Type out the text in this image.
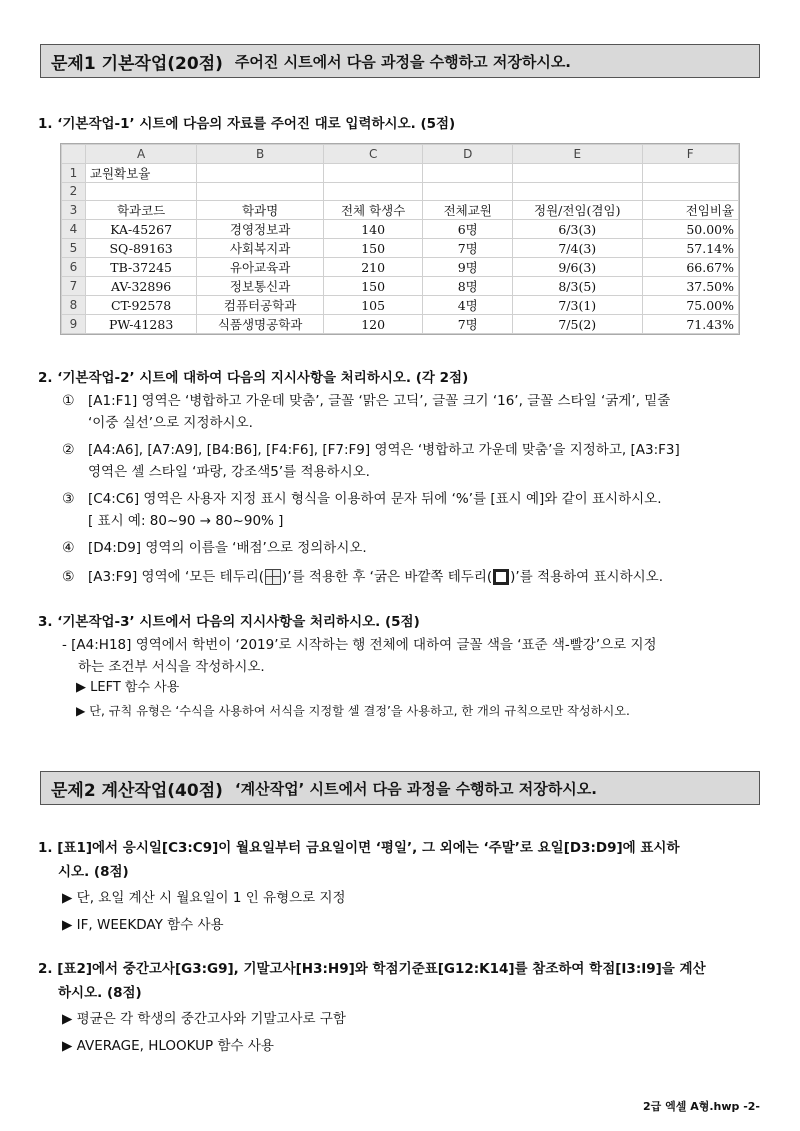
문제1 기본작업(20점) 주어진 시트에서 다음 과정을 수행하고 저장하시오.
1. ‘기본작업-1’ 시트에 다음의 자료를 주어진 대로 입력하시오. (5점)
	A	B	C	D	E	F
1	교원확보율					
2						
3	학과코드	학과명	전체 학생수	전체교원	정원/전임(겸임)	전임비율
4	KA-45267	경영정보과	140	6명	6/3(3)	50.00%
5	SQ-89163	사회복지과	150	7명	7/4(3)	57.14%
6	TB-37245	유아교육과	210	9명	9/6(3)	66.67%
7	AV-32896	정보통신과	150	8명	8/3(5)	37.50%
8	CT-92578	컴퓨터공학과	105	4명	7/3(1)	75.00%
9	PW-41283	식품생명공학과	120	7명	7/5(2)	71.43%
2. ‘기본작업-2’ 시트에 대하여 다음의 지시사항을 처리하시오. (각 2점)
① [A1:F1] 영역은 ‘병합하고 가운데 맞춤’, 글꼴 ‘맑은 고딕’, 글꼴 크기 ‘16’, 글꼴 스타일 ‘굵게’, 밑줄
‘이중 실선’으로 지정하시오.
② [A4:A6], [A7:A9], [B4:B6], [F4:F6], [F7:F9] 영역은 ‘병합하고 가운데 맞춤’을 지정하고, [A3:F3]
영역은 셀 스타일 ‘파랑, 강조색5’를 적용하시오.
③ [C4:C6] 영역은 사용자 지정 표시 형식을 이용하여 문자 뒤에 ‘%’를 [표시 예]와 같이 표시하시오.
[ 표시 예: 80~90 → 80~90% ]
④ [D4:D9] 영역의 이름을 ‘배점’으로 정의하시오.
⑤ [A3:F9] 영역에 ‘모든 테두리( )’를 적용한 후 ‘굵은 바깥쪽 테두리( )’를 적용하여 표시하시오.
3. ‘기본작업-3’ 시트에서 다음의 지시사항을 처리하시오. (5점)
- [A4:H18] 영역에서 학번이 ‘2019’로 시작하는 행 전체에 대하여 글꼴 색을 ‘표준 색-빨강’으로 지정
하는 조건부 서식을 작성하시오.
▶ LEFT 함수 사용
▶ 단, 규칙 유형은 ‘수식을 사용하여 서식을 지정할 셀 결정’을 사용하고, 한 개의 규칙으로만 작성하시오.
문제2 계산작업(40점) ‘계산작업’ 시트에서 다음 과정을 수행하고 저장하시오.
1. [표1]에서 응시일[C3:C9]이 월요일부터 금요일이면 ‘평일’, 그 외에는 ‘주말’로 요일[D3:D9]에 표시하
시오. (8점)
▶ 단, 요일 계산 시 월요일이 1 인 유형으로 지정
▶ IF, WEEKDAY 함수 사용
2. [표2]에서 중간고사[G3:G9], 기말고사[H3:H9]와 학점기준표[G12:K14]를 참조하여 학점[I3:I9]을 계산
하시오. (8점)
▶ 평균은 각 학생의 중간고사와 기말고사로 구함
▶ AVERAGE, HLOOKUP 함수 사용
2급 엑셀 A형.hwp -2-
